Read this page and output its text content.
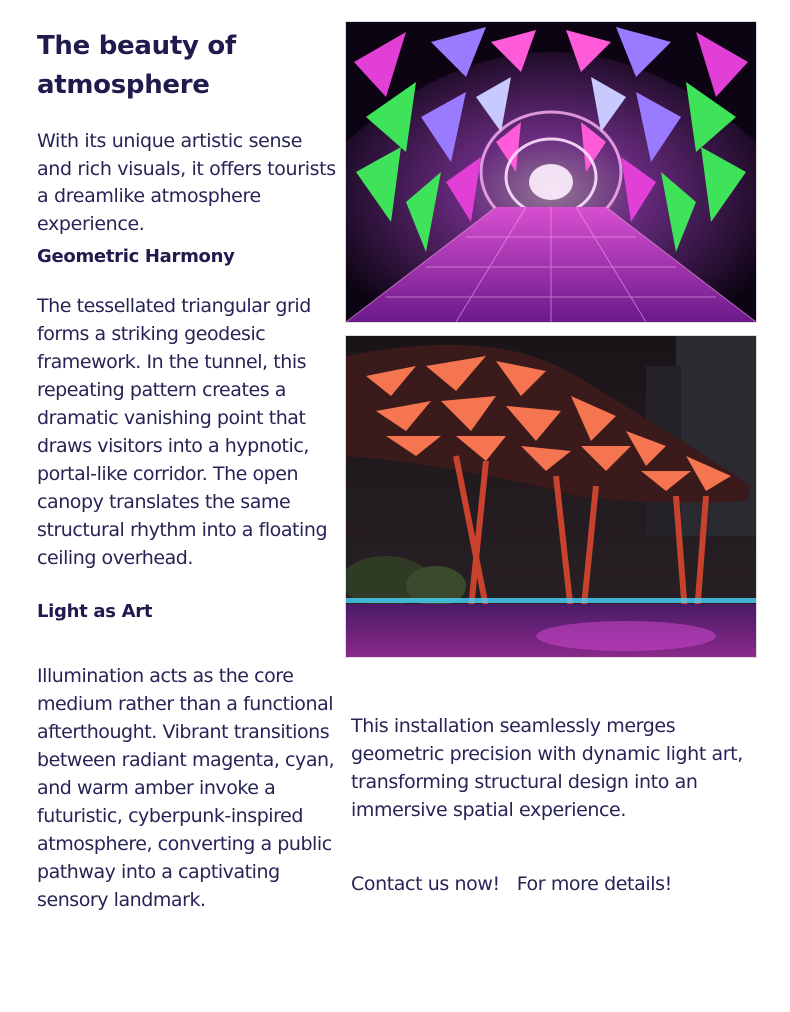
The beauty of atmosphere
With its unique artistic sense and rich visuals, it offers tourists a dreamlike atmosphere experience.
Geometric Harmony
The tessellated triangular grid forms a striking geodesic framework. In the tunnel, this repeating pattern creates a dramatic vanishing point that draws visitors into a hypnotic, portal-like corridor. The open canopy translates the same structural rhythm into a floating ceiling overhead.
Light as Art
Illumination acts as the core medium rather than a functional afterthought. Vibrant transitions between radiant magenta, cyan, and warm amber invoke a futuristic, cyberpunk-inspired atmosphere, converting a public pathway into a captivating sensory landmark.
This installation seamlessly merges geometric precision with dynamic light art, transforming structural design into an immersive spatial experience.
Contact us now! For more details!
